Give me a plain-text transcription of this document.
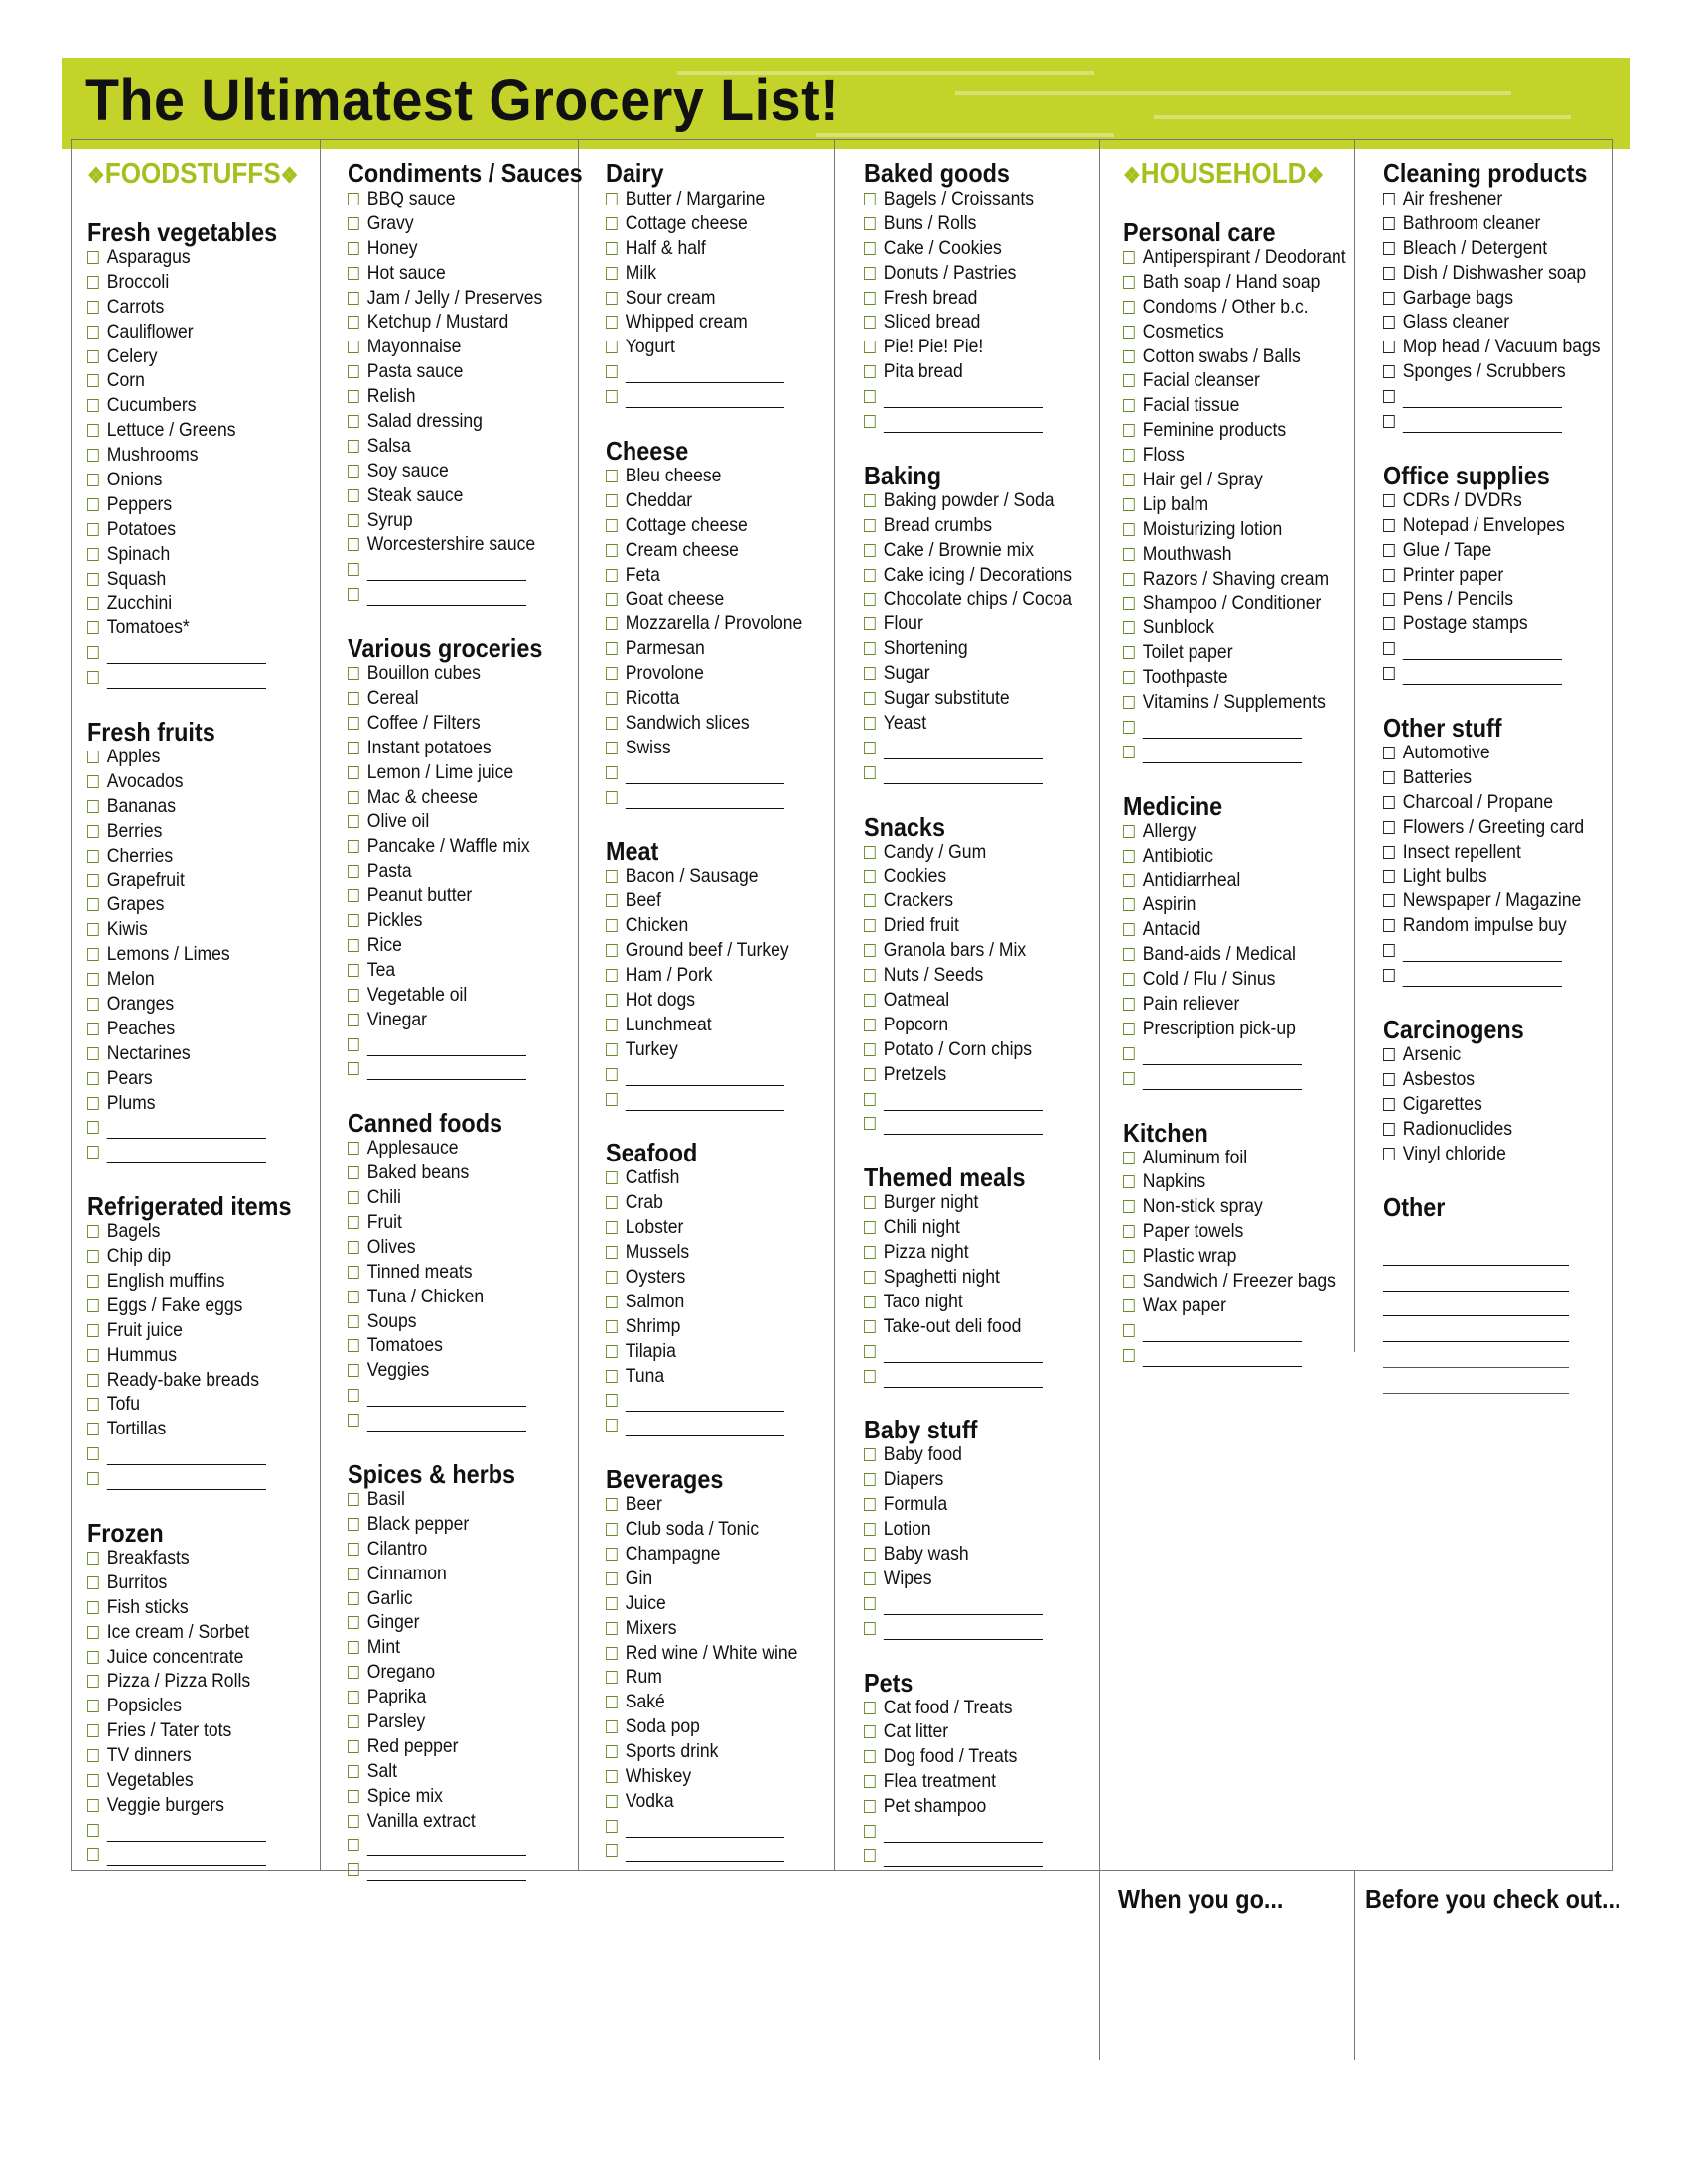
The Ultimatest Grocery List!
❖FOODSTUFFS❖
Fresh vegetables
Asparagus
Broccoli
Carrots
Cauliflower
Celery
Corn
Cucumbers
Lettuce / Greens
Mushrooms
Onions
Peppers
Potatoes
Spinach
Squash
Zucchini
Tomatoes*
Fresh fruits
Apples
Avocados
Bananas
Berries
Cherries
Grapefruit
Grapes
Kiwis
Lemons / Limes
Melon
Oranges
Peaches
Nectarines
Pears
Plums
Refrigerated items
Bagels
Chip dip
English muffins
Eggs / Fake eggs
Fruit juice
Hummus
Ready-bake breads
Tofu
Tortillas
Frozen
Breakfasts
Burritos
Fish sticks
Ice cream / Sorbet
Juice concentrate
Pizza / Pizza Rolls
Popsicles
Fries / Tater tots
TV dinners
Vegetables
Veggie burgers
Condiments / Sauces
BBQ sauce
Gravy
Honey
Hot sauce
Jam / Jelly / Preserves
Ketchup / Mustard
Mayonnaise
Pasta sauce
Relish
Salad dressing
Salsa
Soy sauce
Steak sauce
Syrup
Worcestershire sauce
Various groceries
Bouillon cubes
Cereal
Coffee / Filters
Instant potatoes
Lemon / Lime juice
Mac & cheese
Olive oil
Pancake / Waffle mix
Pasta
Peanut butter
Pickles
Rice
Tea
Vegetable oil
Vinegar
Canned foods
Applesauce
Baked beans
Chili
Fruit
Olives
Tinned meats
Tuna / Chicken
Soups
Tomatoes
Veggies
Spices & herbs
Basil
Black pepper
Cilantro
Cinnamon
Garlic
Ginger
Mint
Oregano
Paprika
Parsley
Red pepper
Salt
Spice mix
Vanilla extract
Dairy
Butter / Margarine
Cottage cheese
Half & half
Milk
Sour cream
Whipped cream
Yogurt
Cheese
Bleu cheese
Cheddar
Cottage cheese
Cream cheese
Feta
Goat cheese
Mozzarella / Provolone
Parmesan
Provolone
Ricotta
Sandwich slices
Swiss
Meat
Bacon / Sausage
Beef
Chicken
Ground beef / Turkey
Ham / Pork
Hot dogs
Lunchmeat
Turkey
Seafood
Catfish
Crab
Lobster
Mussels
Oysters
Salmon
Shrimp
Tilapia
Tuna
Beverages
Beer
Club soda / Tonic
Champagne
Gin
Juice
Mixers
Red wine / White wine
Rum
Saké
Soda pop
Sports drink
Whiskey
Vodka
Baked goods
Bagels / Croissants
Buns / Rolls
Cake / Cookies
Donuts / Pastries
Fresh bread
Sliced bread
Pie! Pie! Pie!
Pita bread
Baking
Baking powder / Soda
Bread crumbs
Cake / Brownie mix
Cake icing / Decorations
Chocolate chips / Cocoa
Flour
Shortening
Sugar
Sugar substitute
Yeast
Snacks
Candy / Gum
Cookies
Crackers
Dried fruit
Granola bars / Mix
Nuts / Seeds
Oatmeal
Popcorn
Potato / Corn chips
Pretzels
Themed meals
Burger night
Chili night
Pizza night
Spaghetti night
Taco night
Take-out deli food
Baby stuff
Baby food
Diapers
Formula
Lotion
Baby wash
Wipes
Pets
Cat food / Treats
Cat litter
Dog food / Treats
Flea treatment
Pet shampoo
❖HOUSEHOLD❖
Personal care
Antiperspirant / Deodorant
Bath soap / Hand soap
Condoms / Other b.c.
Cosmetics
Cotton swabs / Balls
Facial cleanser
Facial tissue
Feminine products
Floss
Hair gel / Spray
Lip balm
Moisturizing lotion
Mouthwash
Razors / Shaving cream
Shampoo / Conditioner
Sunblock
Toilet paper
Toothpaste
Vitamins / Supplements
Medicine
Allergy
Antibiotic
Antidiarrheal
Aspirin
Antacid
Band-aids / Medical
Cold / Flu / Sinus
Pain reliever
Prescription pick-up
Kitchen
Aluminum foil
Napkins
Non-stick spray
Paper towels
Plastic wrap
Sandwich / Freezer bags
Wax paper
Cleaning products
Air freshener
Bathroom cleaner
Bleach / Detergent
Dish / Dishwasher soap
Garbage bags
Glass cleaner
Mop head / Vacuum bags
Sponges / Scrubbers
Office supplies
CDRs / DVDRs
Notepad / Envelopes
Glue / Tape
Printer paper
Pens / Pencils
Postage stamps
Other stuff
Automotive
Batteries
Charcoal / Propane
Flowers / Greeting card
Insect repellent
Light bulbs
Newspaper / Magazine
Random impulse buy
Carcinogens
Arsenic
Asbestos
Cigarettes
Radionuclides
Vinyl chloride
Other
When you go...	Before you check out...
